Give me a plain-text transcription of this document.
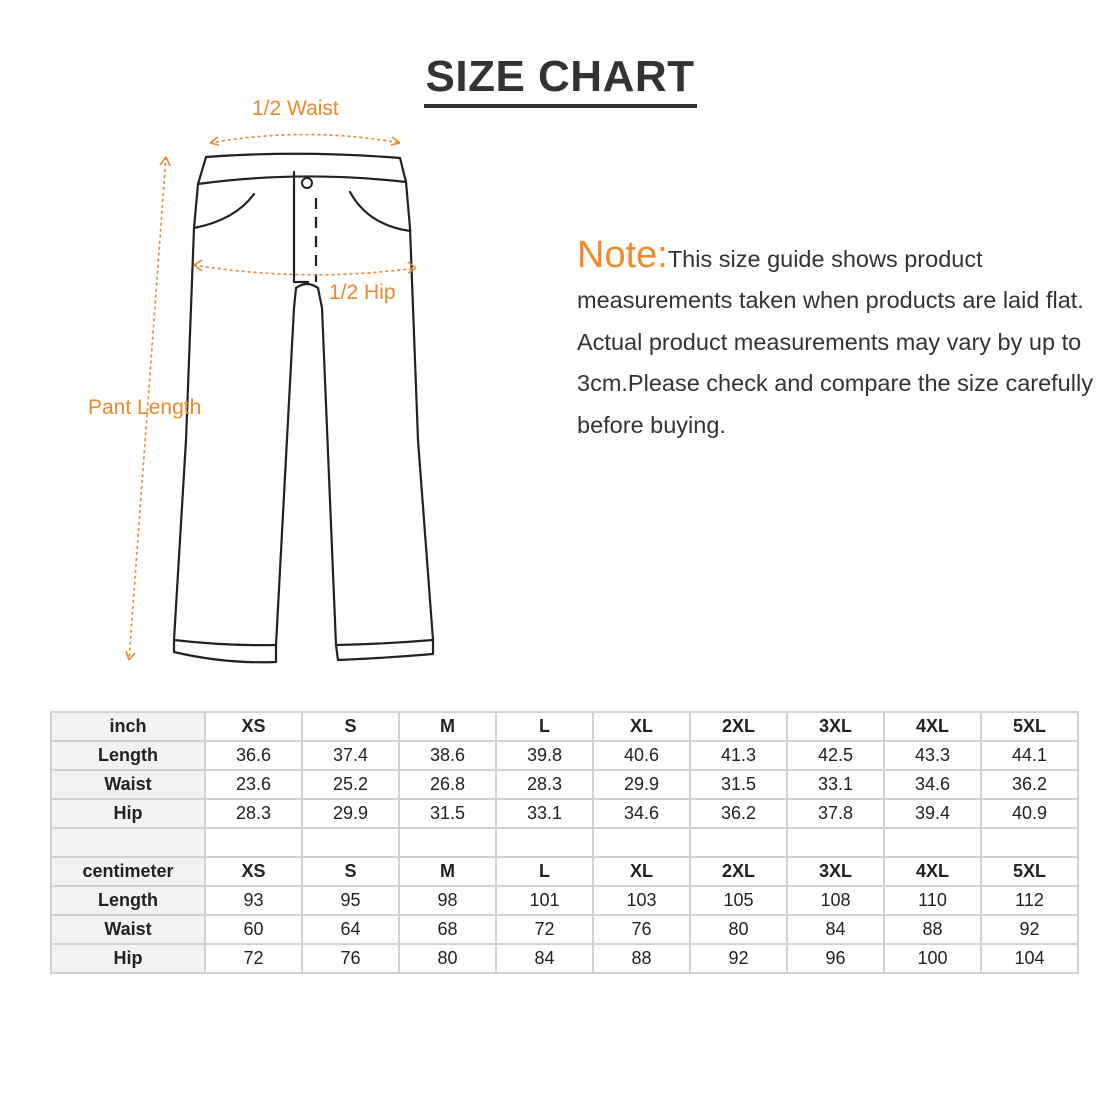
SIZE CHART
1/2 Waist
1/2 Hip
Pant Length
Note:This size guide shows product measurements taken when products are laid flat. Actual product measurements may vary by up to 3cm.Please check and compare the size carefully before buying.
inch	XS	S	M	L	XL	2XL	3XL	4XL	5XL
Length	36.6	37.4	38.6	39.8	40.6	41.3	42.5	43.3	44.1
Waist	23.6	25.2	26.8	28.3	29.9	31.5	33.1	34.6	36.2
Hip	28.3	29.9	31.5	33.1	34.6	36.2	37.8	39.4	40.9

centimeter	XS	S	M	L	XL	2XL	3XL	4XL	5XL
Length	93	95	98	101	103	105	108	110	112
Waist	60	64	68	72	76	80	84	88	92
Hip	72	76	80	84	88	92	96	100	104
